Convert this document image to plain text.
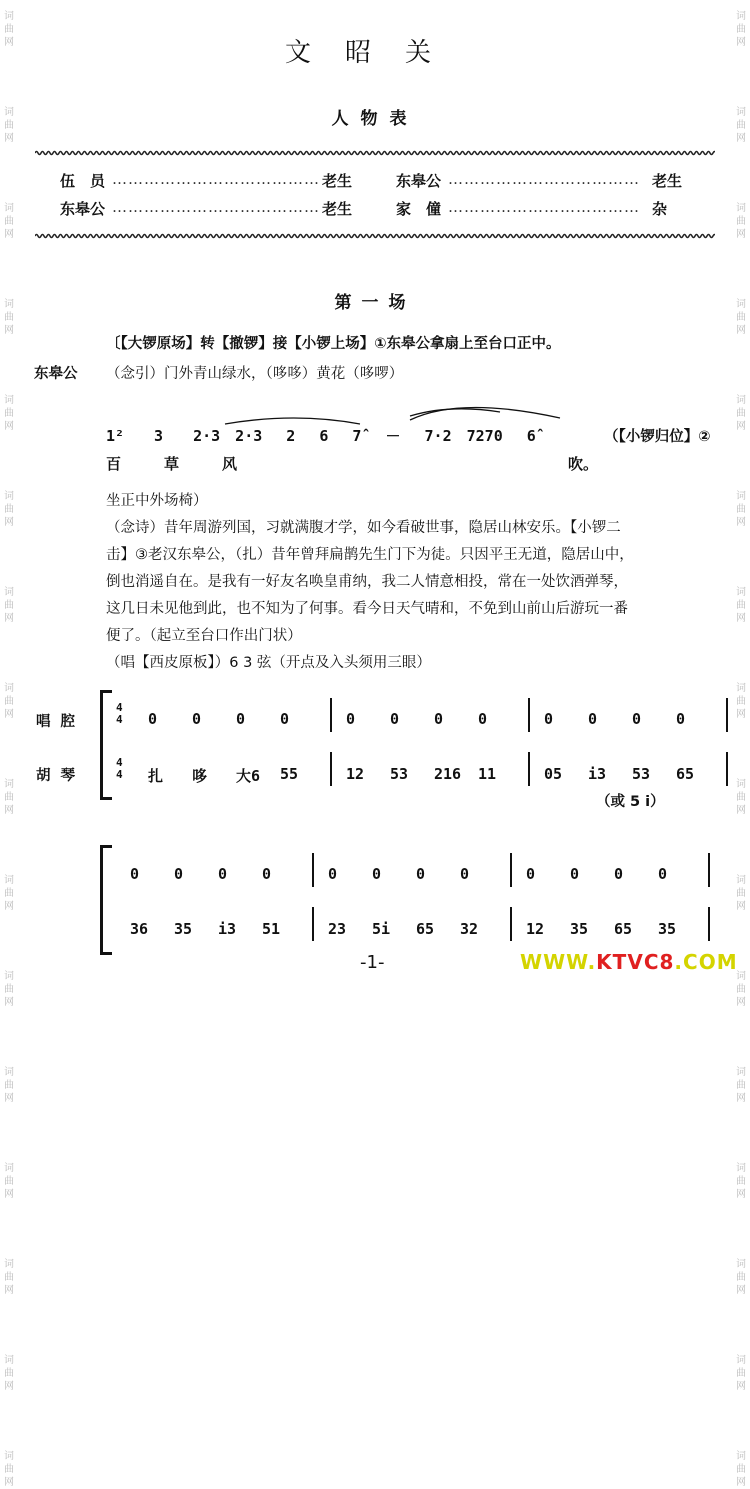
词
曲
网
词
曲
网
词
曲
网
词
曲
网
词
曲
网
词
曲
网
词
曲
网
词
曲
网
词
曲
网
词
曲
网
词
曲
网
词
曲
网
词
曲
网
词
曲
网
词
曲
网
词
曲
网
词
曲
网
词
曲
网
词
曲
网
词
曲
网
词
曲
网
词
曲
网
词
曲
网
词
曲
网
词
曲
网
词
曲
网
词
曲
网
词
曲
网
词
曲
网
词
曲
网
词
曲
网
词
曲
网
文昭关
人物表
伍　员 ………………………………… 老生	东皋公 ……………………………… 老生
东皋公 ………………………………… 老生	家　僮 ……………………………… 杂
第一场
〔【大锣原场】转【撤锣】接【小锣上场】①东皋公拿扇上至台口正中。
东皋公 （念引）门外青山绿水，（哆哆）黄花（哆啰）
1²　　3　　2·3　2·3　 2　 6　 7̂　 －　 7·2　7270　 6̂	（【小锣归位】②
百	草	风	吹。
坐正中外场椅）
（念诗）昔年周游列国，习就满腹才学，如今看破世事，隐居山林安乐。【小锣二
击】③老汉东皋公，（扎）昔年曾拜扁鹊先生门下为徒。只因平王无道，隐居山中，
倒也消遥自在。是我有一好友名唤皇甫纳，我二人情意相投，常在一处饮酒弹琴，
这几日未见他到此，也不知为了何事。看今日天气晴和，不免到山前山后游玩一番
便了。（起立至台口作出门状）
（唱【西皮原板】）6 3 弦（开点及入头须用三眼）
唱腔
胡琴
4
4 0 0 0 0	0 0 0 0	0 0 0 0
4
4 扎 哆 大6 55	12 53 216 11	05 i3 53 65
（或 5 i）
0 0 0 0	0 0 0 0	0 0 0 0
36 35 i3 51	23 5i 65 32	12 35 65 35
-1-	WWW.KTVC8.COM
